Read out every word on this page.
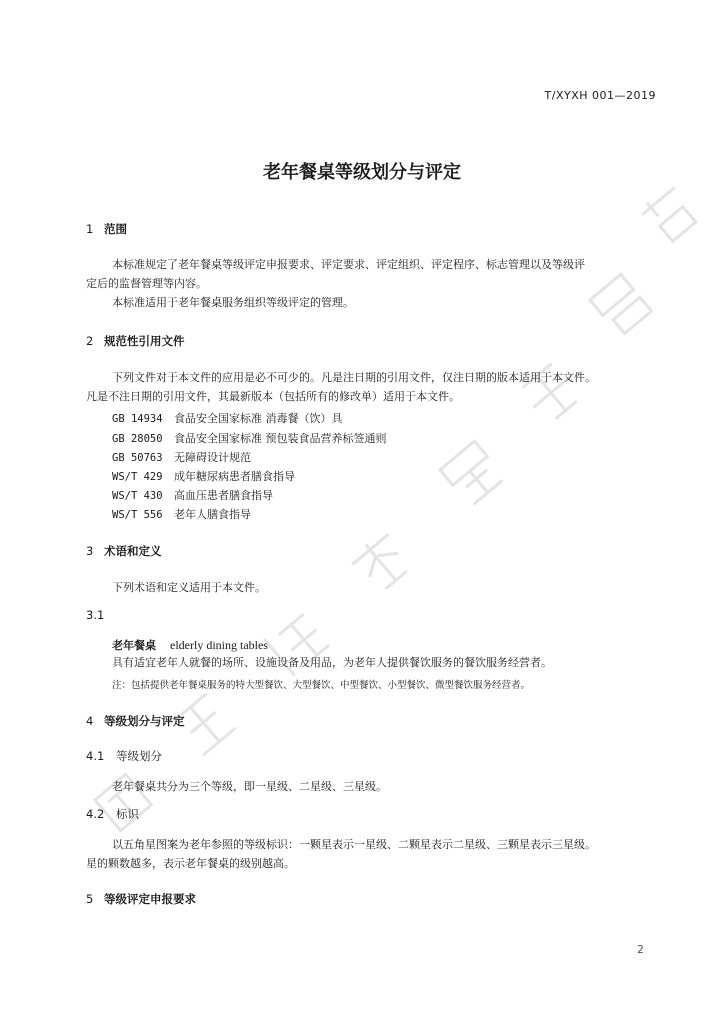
T/XYXH 001—2019
老年餐桌等级划分与评定
1 范围
本标准规定了老年餐桌等级评定申报要求、评定要求、评定组织、评定程序、标志管理以及等级评
定后的监督管理等内容。
本标准适用于老年餐桌服务组织等级评定的管理。
2 规范性引用文件
下列文件对于本文件的应用是必不可少的。凡是注日期的引用文件，仅注日期的版本适用于本文件。
凡是不注日期的引用文件，其最新版本（包括所有的修改单）适用于本文件。
GB 14934 食品安全国家标准 消毒餐（饮）具
GB 28050 食品安全国家标准 预包装食品营养标签通则
GB 50763 无障碍设计规范
WS/T 429 成年糖尿病患者膳食指导
WS/T 430 高血压患者膳食指导
WS/T 556 老年人膳食指导
3 术语和定义
下列术语和定义适用于本文件。
3.1
老年餐桌 elderly dining tables
具有适宜老年人就餐的场所、设施设备及用品，为老年人提供餐饮服务的餐饮服务经营者。
注：包括提供老年餐桌服务的特大型餐饮、大型餐饮、中型餐饮、小型餐饮、微型餐饮服务经营者。
4 等级划分与评定
4.1 等级划分
老年餐桌共分为三个等级，即一星级、二星级、三星级。
4.2 标识
以五角星图案为老年参照的等级标识：一颗星表示一星级、二颗星表示二星级、三颗星表示三星级。
星的颗数越多，表示老年餐桌的级别越高。
5 等级评定申报要求
2
